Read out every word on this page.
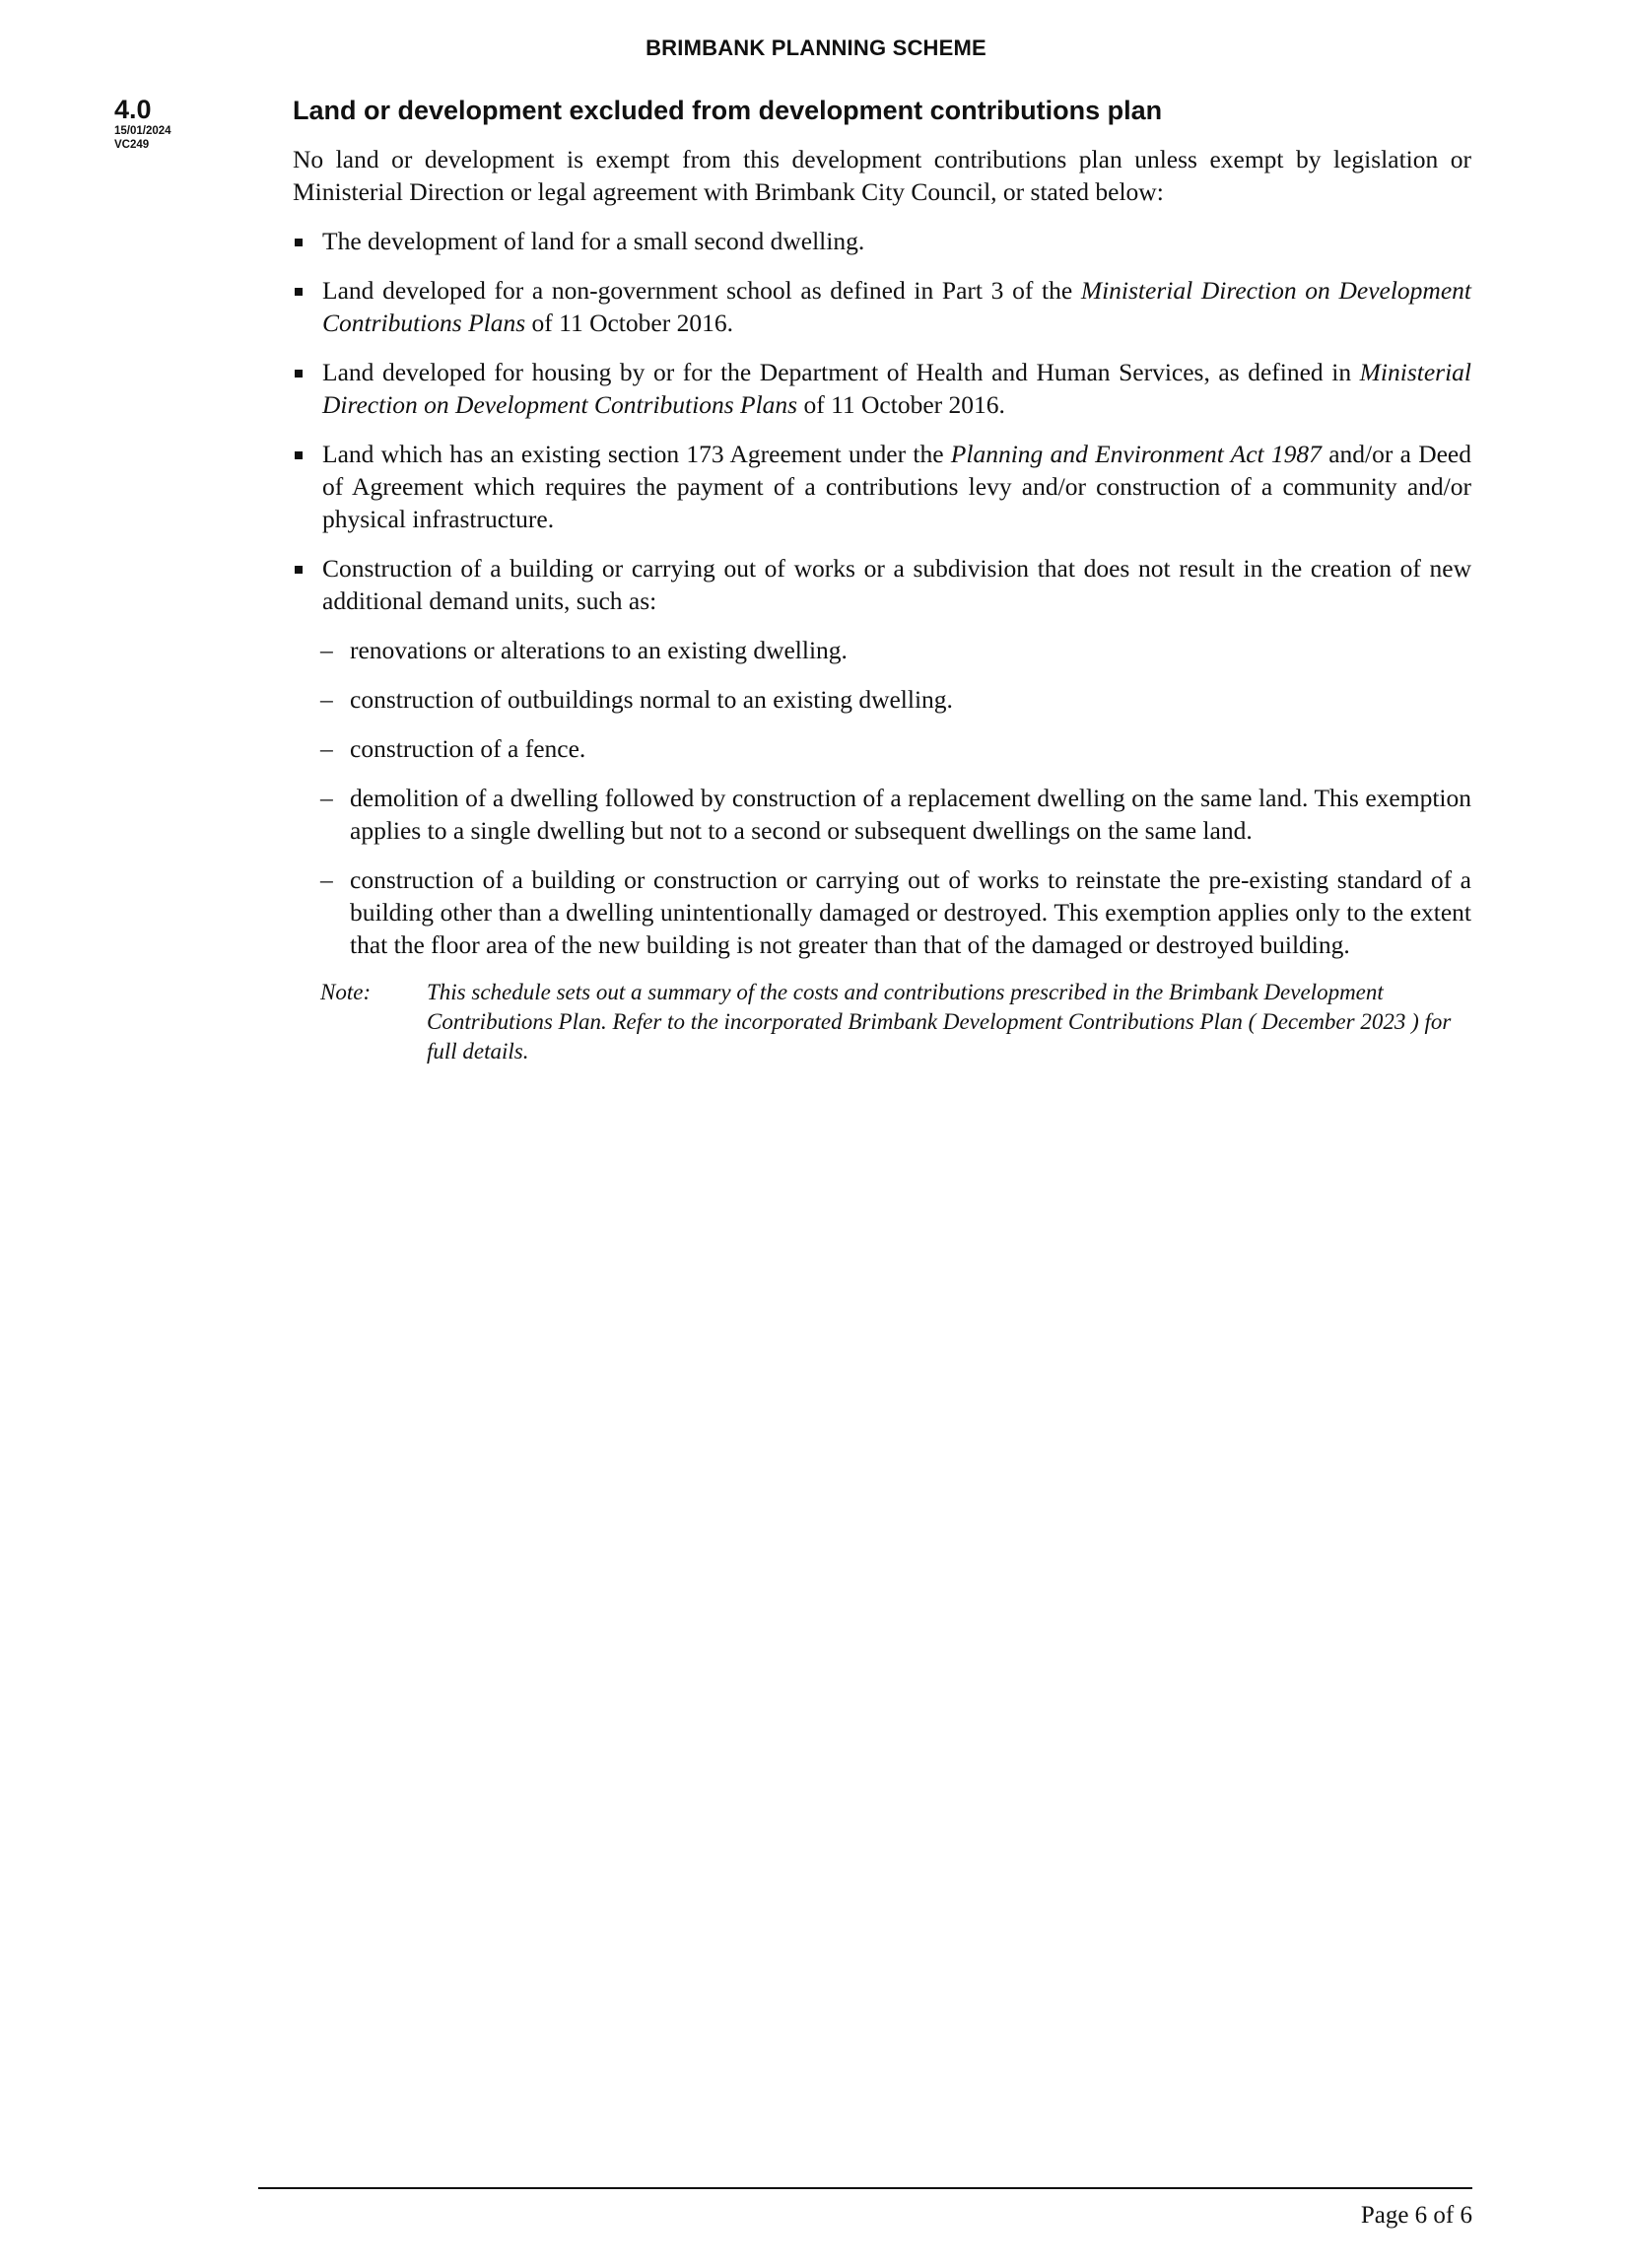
BRIMBANK PLANNING SCHEME
4.0
15/01/2024
VC249
Land or development excluded from development contributions plan

No land or development is exempt from this development contributions plan unless exempt by legislation or Ministerial Direction or legal agreement with Brimbank City Council, or stated below:

The development of land for a small second dwelling.
Land developed for a non-government school as defined in Part 3 of the Ministerial Direction on Development Contributions Plans of 11 October 2016.
Land developed for housing by or for the Department of Health and Human Services, as defined in Ministerial Direction on Development Contributions Plans of 11 October 2016.
Land which has an existing section 173 Agreement under the Planning and Environment Act 1987 and/or a Deed of Agreement which requires the payment of a contributions levy and/or construction of a community and/or physical infrastructure.
Construction of a building or carrying out of works or a subdivision that does not result in the creation of new additional demand units, such as:
– renovations or alterations to an existing dwelling.
– construction of outbuildings normal to an existing dwelling.
– construction of a fence.
– demolition of a dwelling followed by construction of a replacement dwelling on the same land. This exemption applies to a single dwelling but not to a second or subsequent dwellings on the same land.
– construction of a building or construction or carrying out of works to reinstate the pre-existing standard of a building other than a dwelling unintentionally damaged or destroyed. This exemption applies only to the extent that the floor area of the new building is not greater than that of the damaged or destroyed building.
Note:	This schedule sets out a summary of the costs and contributions prescribed in the Brimbank Development Contributions Plan. Refer to the incorporated Brimbank Development Contributions Plan ( December 2023 ) for full details.
Page 6 of 6
